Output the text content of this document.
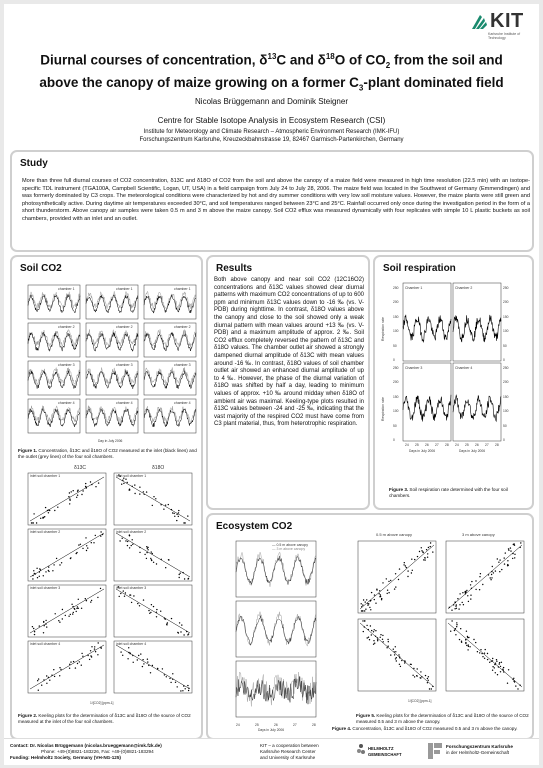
KIT
Karlsruhe Institute of Technology
Diurnal courses of concentration, $\delta^{13}C$ and $\delta^{18}O$ of $CO_2$ from the soil and
above the canopy of maize growing on a former $C_3$-plant dominated field
Nicolas Brüggemann and Dominik Steigner
Centre for Stable Isotope Analysis in Ecosystem Research (CSI)
Institute for Meteorology and Climate Research – Atmospheric Environment Research (IMK-IFU)
Forschungszentrum Karlsruhe, Kreuzeckbahnstrasse 19, 82467 Garmisch-Partenkirchen, Germany
Study
More than three full diurnal courses of CO2 concentration, δ13C and δ18O of CO2 from the soil and above the canopy of a maize field were measured in high time resolution (22.5 min) with an isotope-specific TDL instrument (TGA100A, Campbell Scientific, Logan, UT, USA) in a field campaign from July 24 to July 28, 2006. The maize field was located in the Southwest of Germany (Emmendingen) and was formerly dominated by C3 crops. The meteorological conditions were characterized by hot and dry summer conditions with very low soil moisture values. However, the maize plants were still green and photosynthetically active. During daytime air temperatures exceeded 30°C, and soil temperatures ranged between 23°C and 25°C. Rainfall occurred only once during the investigation period in the form of a short thunderstorm. Above canopy air samples were taken 0.5 m and 3 m above the maize canopy. Soil CO2 efflux was measured dynamically with four replicates with simple 10 L plastic buckets as soil chambers, provided with an inlet and an outlet.
Soil CO2
chamber 1	chamber 1	chamber 1
chamber 2	chamber 2	chamber 2
chamber 3	chamber 3	chamber 3
chamber 4	chamber 4	chamber 4
Day in July 2006
Figure 1. Concentration, δ13C and δ18O of CO2 measured at the inlet (black lines) and the outlet (grey lines) of the four soil chambers.
δ13C	δ18O
inlet soil chamber 1	inlet soil chamber 1
inlet soil chamber 2	inlet soil chamber 2
inlet soil chamber 3	inlet soil chamber 3
inlet soil chamber 4	inlet soil chamber 4
1/[CO2] [ppm-1]
Figure 2. Keeling plots for the determination of δ13C and δ18O of the source of CO2 measured at the inlet of the four soil chambers.
Results
Both above canopy and near soil CO2 (12C16O2) concentrations and δ13C values showed clear diurnal patterns with maximum CO2 concentrations of up to 600 ppm and minimum δ13C values down to -16 ‰ (vs. V-PDB) during nighttime. In contrast, δ18O values above the canopy and close to the soil showed only a weak diurnal pattern with mean values around +13 ‰ (vs. V-PDB) and a maximum amplitude of approx. 2 ‰. Soil CO2 efflux completely reversed the pattern of δ13C and δ18O values. The chamber outlet air showed a strongly dampened diurnal amplitude of δ13C with mean values around -16 ‰. In contrast, δ18O values of soil chamber outlet air showed an enhanced diurnal amplitude of up to 4 ‰. However, the phase of the diurnal variation of δ18O was shifted by half a day, leading to minimum values of approx. +10 ‰ around midday when δ18O of ambient air was maximal. Keeling-type plots resulted in δ13C values between -24 and -25 ‰, indicating that the vast majority of the respired CO2 must have come from C3 plant material, thus, from heterotrophic respiration.
Soil respiration
Chamber 1	Chamber 2
Chamber 3	Chamber 4
0
0
0
0
50
50
50
50
100
100
100
100
150
150
150
150
200
200
200
200
250
250
250
250
24 25 26 27 28 24 25 26 27 28
Days in July 2006	Days in July 2006
Respiration rate
Respiration rate
Figure 3. Soil respiration rate determined with the four soil chambers.
Ecosystem CO2
— 0.5 m above canopy
— 3 m above canopy
24	25	26	27	28
Days in July 2006
0.5 m above canopy	3 m above canopy
1/[CO2] [ppm-1]
Figure 5. Keeling plots for the determination of δ13C and δ18O of the source of CO2 measured 0.5 and 3 m above the canopy.
Figure 4. Concentration, δ13C and δ18O of CO2 measured 0.5 and 3 m above the canopy.
Contact: Dr. Nicolas Brüggemann (nicolas.brueggemann@imk.fzk.de)
Phone: +49-(0)8821-183226, Fax: +49-(0)8821-183294
Funding: Helmholtz Society, Germany (VH-NG-125)
KIT – a cooperation between
Karlsruhe Research Center
and University of Karlsruhe
HELMHOLTZ GEMEINSCHAFT
Forschungszentrum Karlsruhe
in der Helmholtz-Gemeinschaft
